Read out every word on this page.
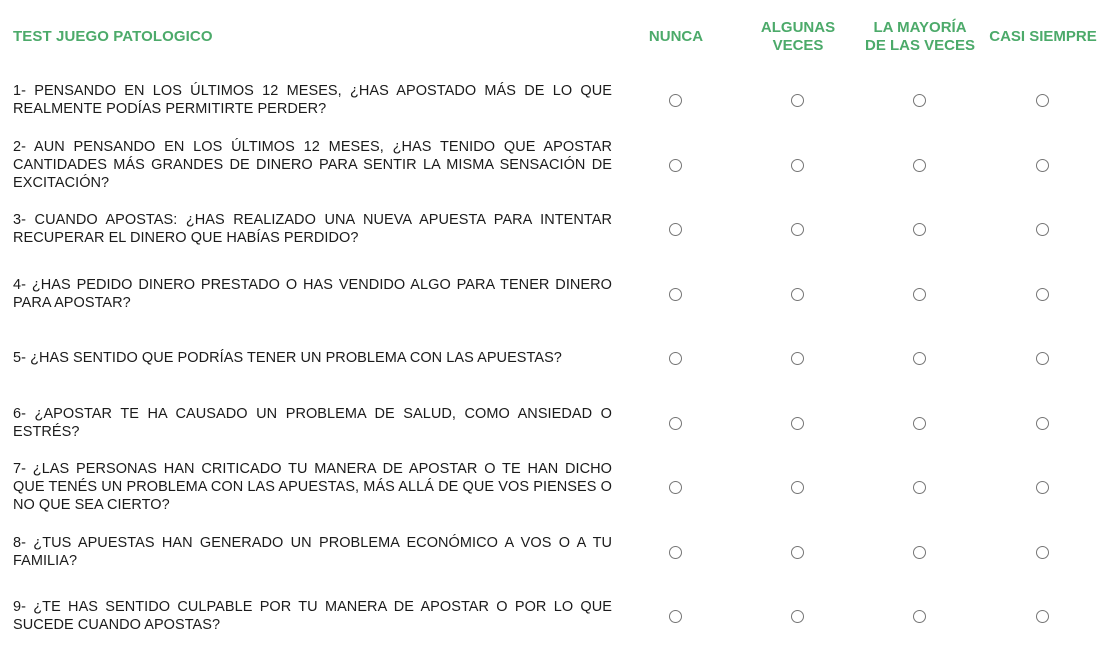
TEST JUEGO PATOLOGICO	NUNCA
ALGUNAS
VECES
LA MAYORÍA
DE LAS VECES
CASI SIEMPRE
1- PENSANDO EN LOS ÚLTIMOS 12 MESES, ¿HAS APOSTADO MÁS DE LO QUE REALMENTE PODÍAS PERMITIRTE PERDER?
2- AUN PENSANDO EN LOS ÚLTIMOS 12 MESES, ¿HAS TENIDO QUE APOSTAR CANTIDADES MÁS GRANDES DE DINERO PARA SENTIR LA MISMA SENSACIÓN DE EXCITACIÓN?
3- CUANDO APOSTAS: ¿HAS REALIZADO UNA NUEVA APUESTA PARA INTENTAR RECUPERAR EL DINERO QUE HABÍAS PERDIDO?
4- ¿HAS PEDIDO DINERO PRESTADO O HAS VENDIDO ALGO PARA TENER DINERO PARA APOSTAR?
5- ¿HAS SENTIDO QUE PODRÍAS TENER UN PROBLEMA CON LAS APUESTAS?
6- ¿APOSTAR TE HA CAUSADO UN PROBLEMA DE SALUD, COMO ANSIEDAD O ESTRÉS?
7- ¿LAS PERSONAS HAN CRITICADO TU MANERA DE APOSTAR O TE HAN DICHO QUE TENÉS UN PROBLEMA CON LAS APUESTAS, MÁS ALLÁ DE QUE VOS PIENSES O NO QUE SEA CIERTO?
8- ¿TUS APUESTAS HAN GENERADO UN PROBLEMA ECONÓMICO A VOS O A TU FAMILIA?
9- ¿TE HAS SENTIDO CULPABLE POR TU MANERA DE APOSTAR O POR LO QUE SUCEDE CUANDO APOSTAS?
